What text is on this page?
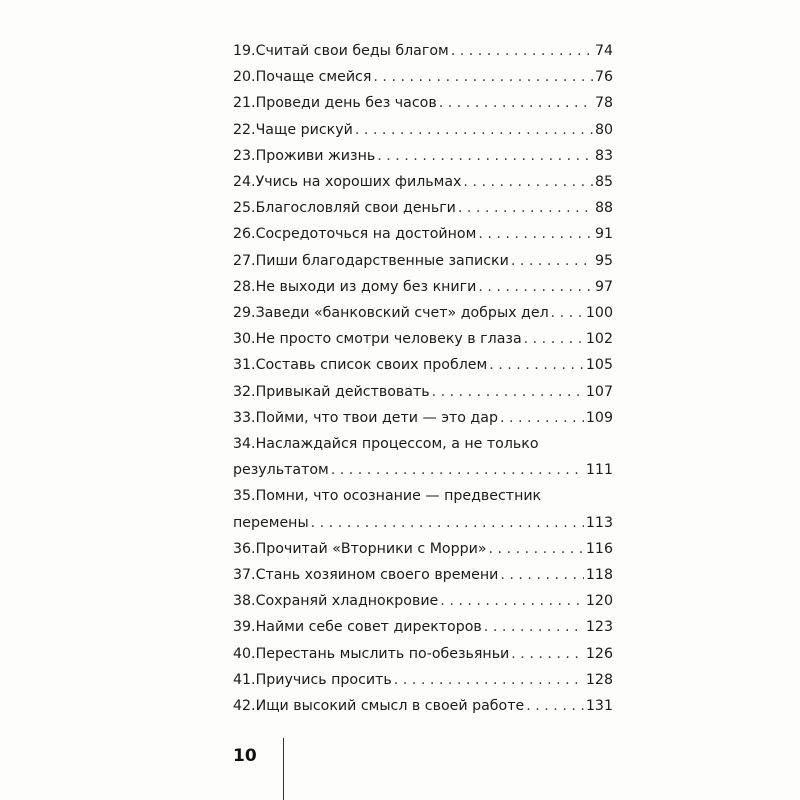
19. Считай свои беды благом . . .	74
20. Почаще смейся . . .	76
21. Проведи день без часов . . .	78
22. Чаще рискуй . . .	80
23. Проживи жизнь . . .	83
24. Учись на хороших фильмах . . .	85
25. Благословляй свои деньги . . .	88
26. Сосредоточься на достойном . . .	91
27. Пиши благодарственные записки . . .	95
28. Не выходи из дому без книги . . .	97
29. Заведи «банковский счет» добрых дел . . .	100
30. Не просто смотри человеку в глаза . . .	102
31. Составь список своих проблем . . .	105
32. Привыкай действовать . . .	107
33. Пойми, что твои дети — это дар . . .	109
34. Наслаждайся процессом, а не только
результатом . . .	111
35. Помни, что осознание — предвестник
перемены . . .	113
36. Прочитай «Вторники с Морри» . . .	116
37. Стань хозяином своего времени . . .	118
38. Сохраняй хладнокровие . . .	120
39. Найми себе совет директоров . . .	123
40. Перестань мыслить по-обезьяньи . . .	126
41. Приучись просить . . .	128
42. Ищи высокий смысл в своей работе . . .	131
10
